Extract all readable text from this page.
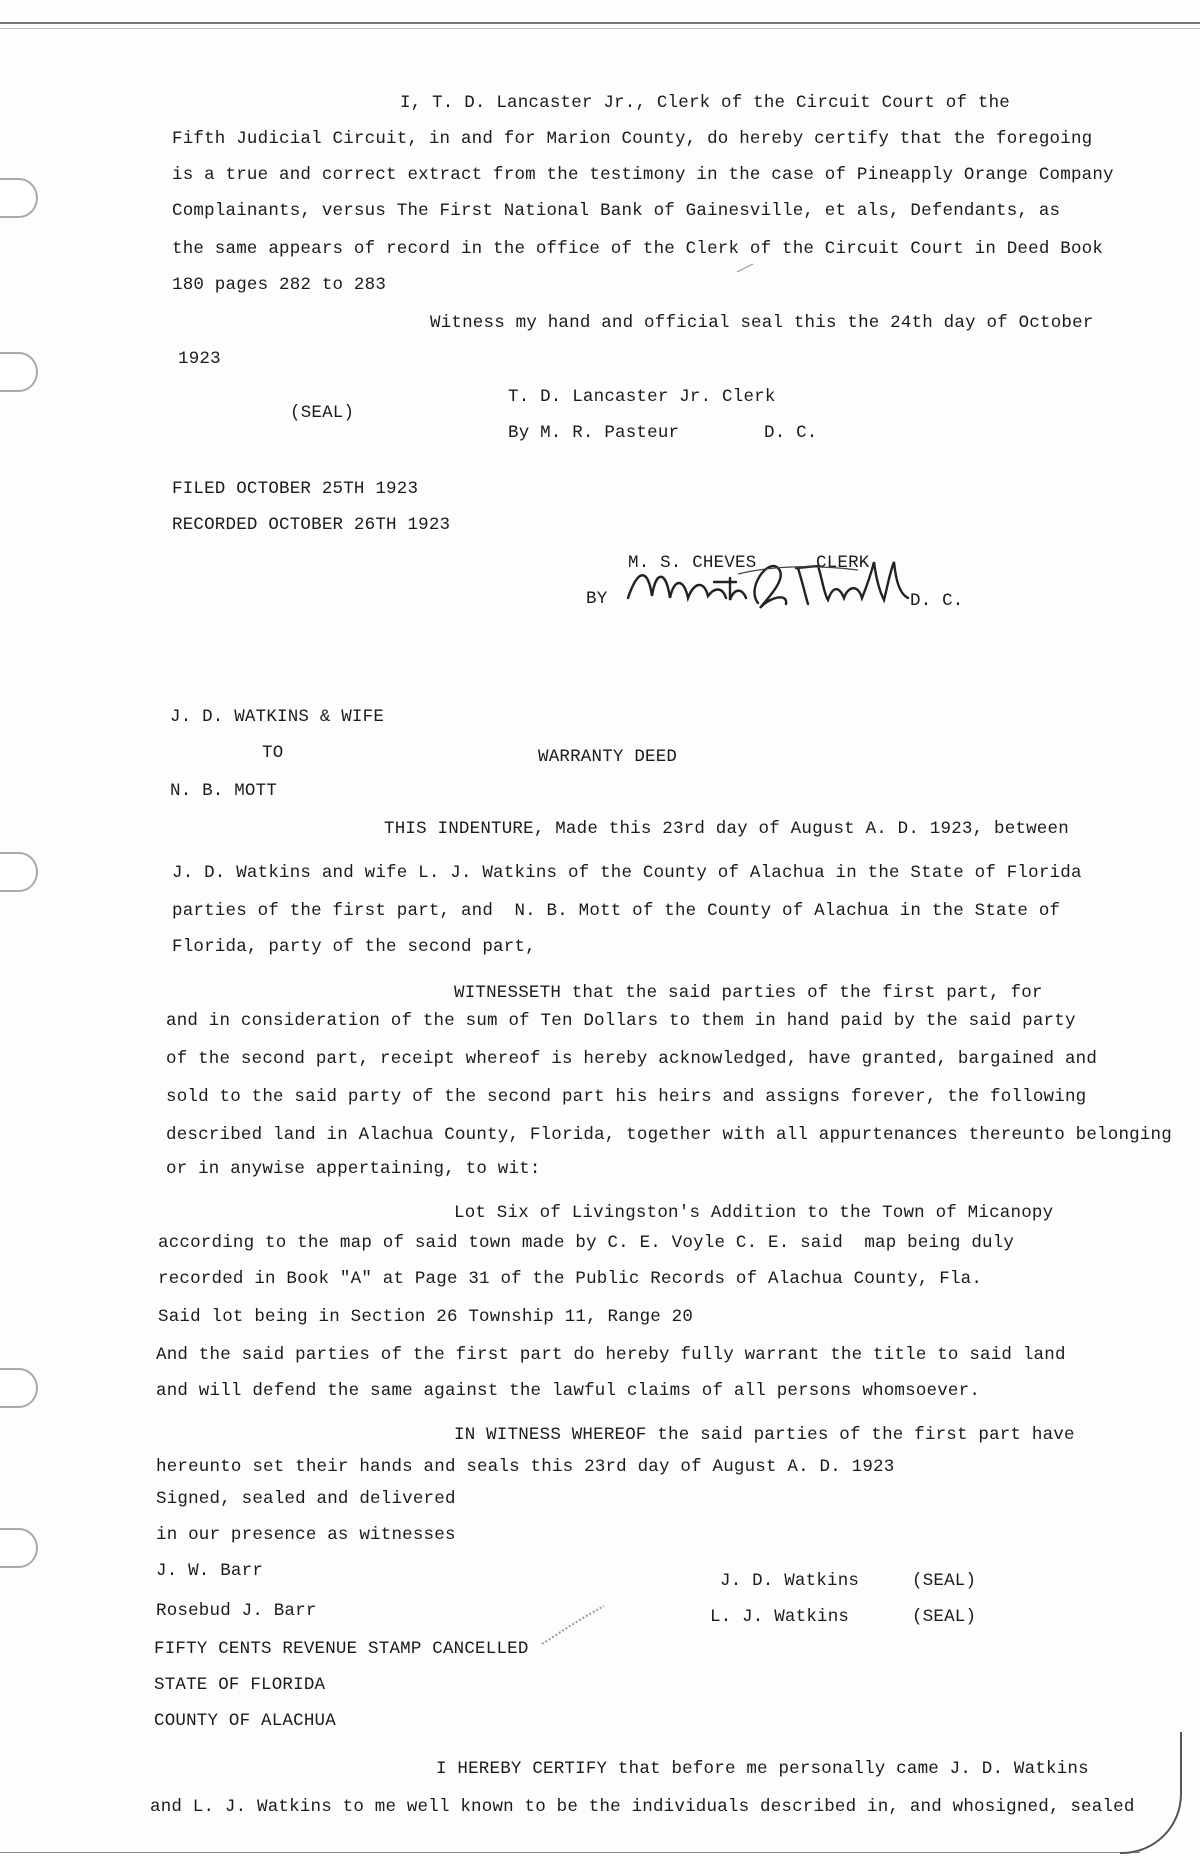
I, T. D. Lancaster Jr., Clerk of the Circuit Court of the
Fifth Judicial Circuit, in and for Marion County, do hereby certify that the foregoing
is a true and correct extract from the testimony in the case of Pineapply Orange Company
Complainants, versus The First National Bank of Gainesville, et als, Defendants, as
the same appears of record in the office of the Clerk of the Circuit Court in Deed Book
180 pages 282 to 283
Witness my hand and official seal this the 24th day of October
1923
T. D. Lancaster Jr. Clerk
(SEAL)
By M. R. Pasteur	D. C.
FILED OCTOBER 25TH 1923
RECORDED OCTOBER 26TH 1923
M. S. CHEVES	CLERK
BY	D. C.
J. D. WATKINS & WIFE
TO	WARRANTY DEED
N. B. MOTT
THIS INDENTURE, Made this 23rd day of August A. D. 1923, between
J. D. Watkins and wife L. J. Watkins of the County of Alachua in the State of Florida
parties of the first part, and  N. B. Mott of the County of Alachua in the State of
Florida, party of the second part,
WITNESSETH that the said parties of the first part, for
and in consideration of the sum of Ten Dollars to them in hand paid by the said party
of the second part, receipt whereof is hereby acknowledged, have granted, bargained and
sold to the said party of the second part his heirs and assigns forever, the following
described land in Alachua County, Florida, together with all appurtenances thereunto belonging
or in anywise appertaining, to wit:
Lot Six of Livingston's Addition to the Town of Micanopy
according to the map of said town made by C. E. Voyle C. E. said  map being duly
recorded in Book "A" at Page 31 of the Public Records of Alachua County, Fla.
Said lot being in Section 26 Township 11, Range 20
And the said parties of the first part do hereby fully warrant the title to said land
and will defend the same against the lawful claims of all persons whomsoever.
IN WITNESS WHEREOF the said parties of the first part have
hereunto set their hands and seals this 23rd day of August A. D. 1923
Signed, sealed and delivered
in our presence as witnesses
J. W. Barr
Rosebud J. Barr
J. D. Watkins	(SEAL)
L. J. Watkins	(SEAL)
FIFTY CENTS REVENUE STAMP CANCELLED
STATE OF FLORIDA
COUNTY OF ALACHUA
I HEREBY CERTIFY that before me personally came J. D. Watkins
and L. J. Watkins to me well known to be the individuals described in, and whosigned, sealed
